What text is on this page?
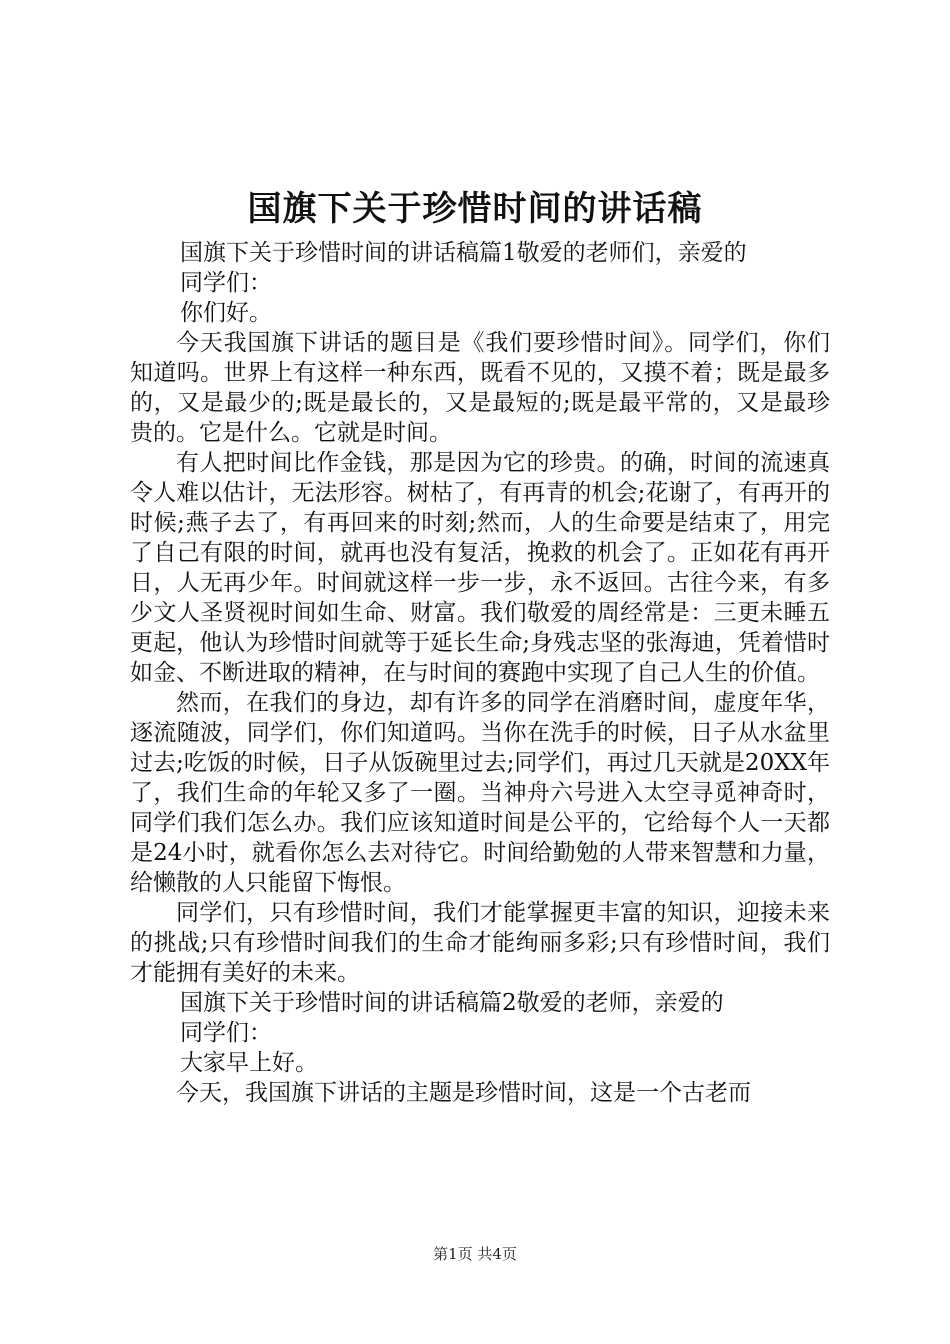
国旗下关于珍惜时间的讲话稿

国旗下关于珍惜时间的讲话稿篇1敬爱的老师们，亲爱的

同学们：

你们好。

今天我国旗下讲话的题目是《我们要珍惜时间》。同学们，你们知道吗。世界上有这样一种东西，既看不见的，又摸不着；既是最多的，又是最少的;既是最长的，又是最短的;既是最平常的，又是最珍贵的。它是什么。它就是时间。

有人把时间比作金钱，那是因为它的珍贵。的确，时间的流速真令人难以估计，无法形容。树枯了，有再青的机会;花谢了，有再开的时候;燕子去了，有再回来的时刻;然而，人的生命要是结束了，用完了自己有限的时间，就再也没有复活，挽救的机会了。正如花有再开日，人无再少年。时间就这样一步一步，永不返回。古往今来，有多少文人圣贤视时间如生命、财富。我们敬爱的周经常是：三更未睡五更起，他认为珍惜时间就等于延长生命;身残志坚的张海迪，凭着惜时如金、不断进取的精神，在与时间的赛跑中实现了自己人生的价值。

然而，在我们的身边，却有许多的同学在消磨时间，虚度年华，逐流随波，同学们，你们知道吗。当你在洗手的时候，日子从水盆里过去;吃饭的时候，日子从饭碗里过去;同学们，再过几天就是20XX年了，我们生命的年轮又多了一圈。当神舟六号进入太空寻觅神奇时，同学们我们怎么办。我们应该知道时间是公平的，它给每个人一天都是24小时，就看你怎么去对待它。时间给勤勉的人带来智慧和力量，给懒散的人只能留下悔恨。

同学们，只有珍惜时间，我们才能掌握更丰富的知识，迎接未来的挑战;只有珍惜时间我们的生命才能绚丽多彩;只有珍惜时间，我们才能拥有美好的未来。

国旗下关于珍惜时间的讲话稿篇2敬爱的老师，亲爱的

同学们：

大家早上好。

今天，我国旗下讲话的主题是珍惜时间，这是一个古老而

第1页 共4页
